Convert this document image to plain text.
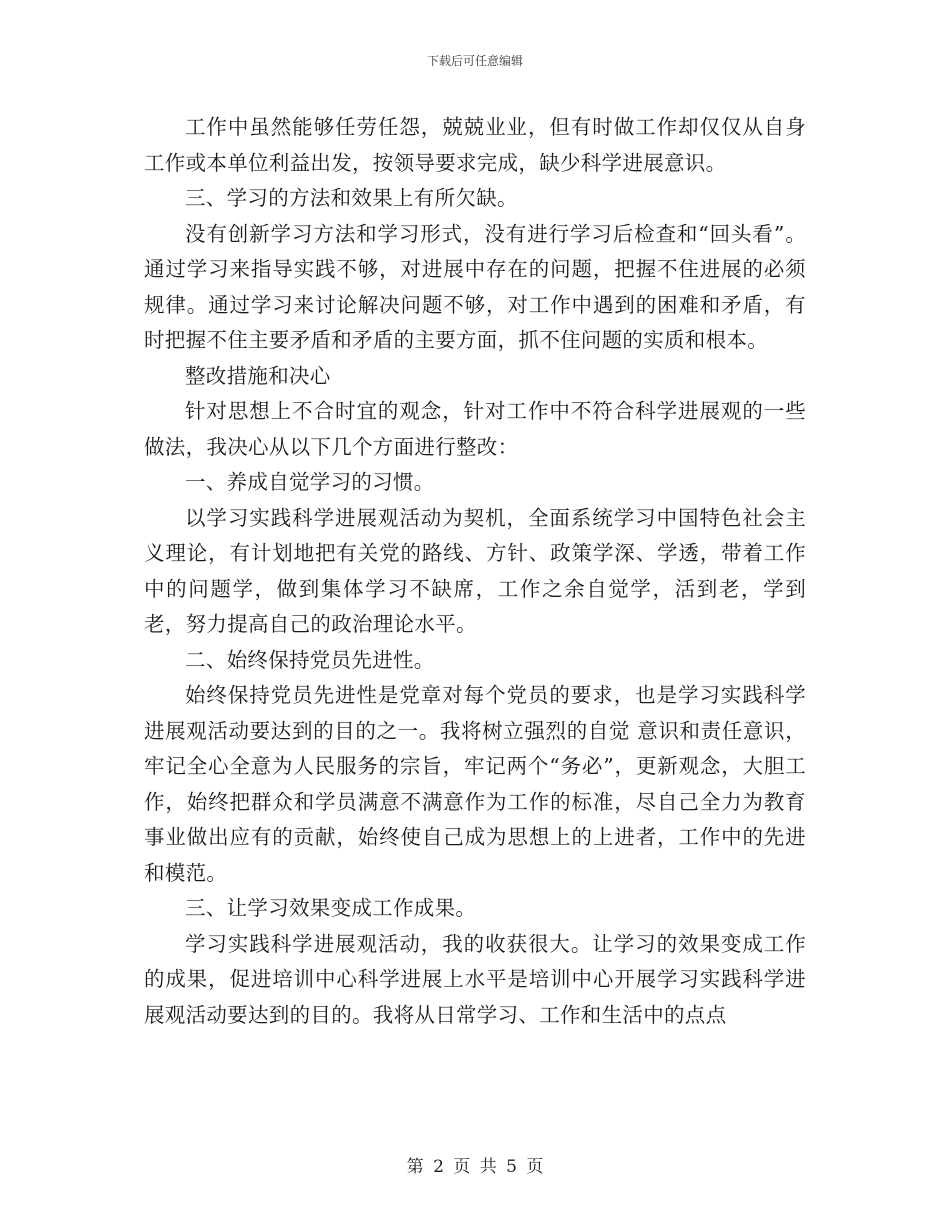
下载后可任意编辑

工作中虽然能够任劳任怨，兢兢业业，但有时做工作却仅仅从自身工作或本单位利益出发，按领导要求完成，缺少科学进展意识。

三、学习的方法和效果上有所欠缺。

没有创新学习方法和学习形式，没有进行学习后检查和“回头看”。通过学习来指导实践不够，对进展中存在的问题，把握不住进展的必须规律。通过学习来讨论解决问题不够，对工作中遇到的困难和矛盾，有时把握不住主要矛盾和矛盾的主要方面，抓不住问题的实质和根本。

整改措施和决心

针对思想上不合时宜的观念，针对工作中不符合科学进展观的一些做法，我决心从以下几个方面进行整改：

一、养成自觉学习的习惯。

以学习实践科学进展观活动为契机，全面系统学习中国特色社会主义理论，有计划地把有关党的路线、方针、政策学深、学透，带着工作中的问题学，做到集体学习不缺席，工作之余自觉学，活到老，学到老，努力提高自己的政治理论水平。

二、始终保持党员先进性。

始终保持党员先进性是党章对每个党员的要求，也是学习实践科学进展观活动要达到的目的之一。我将树立强烈的自觉 意识和责任意识，牢记全心全意为人民服务的宗旨，牢记两个“务必”，更新观念，大胆工作，始终把群众和学员满意不满意作为工作的标准，尽自己全力为教育事业做出应有的贡献，始终使自己成为思想上的上进者，工作中的先进和模范。

三、让学习效果变成工作成果。

学习实践科学进展观活动，我的收获很大。让学习的效果变成工作的成果，促进培训中心科学进展上水平是培训中心开展学习实践科学进展观活动要达到的目的。我将从日常学习、工作和生活中的点点

第 2 页 共 5 页
